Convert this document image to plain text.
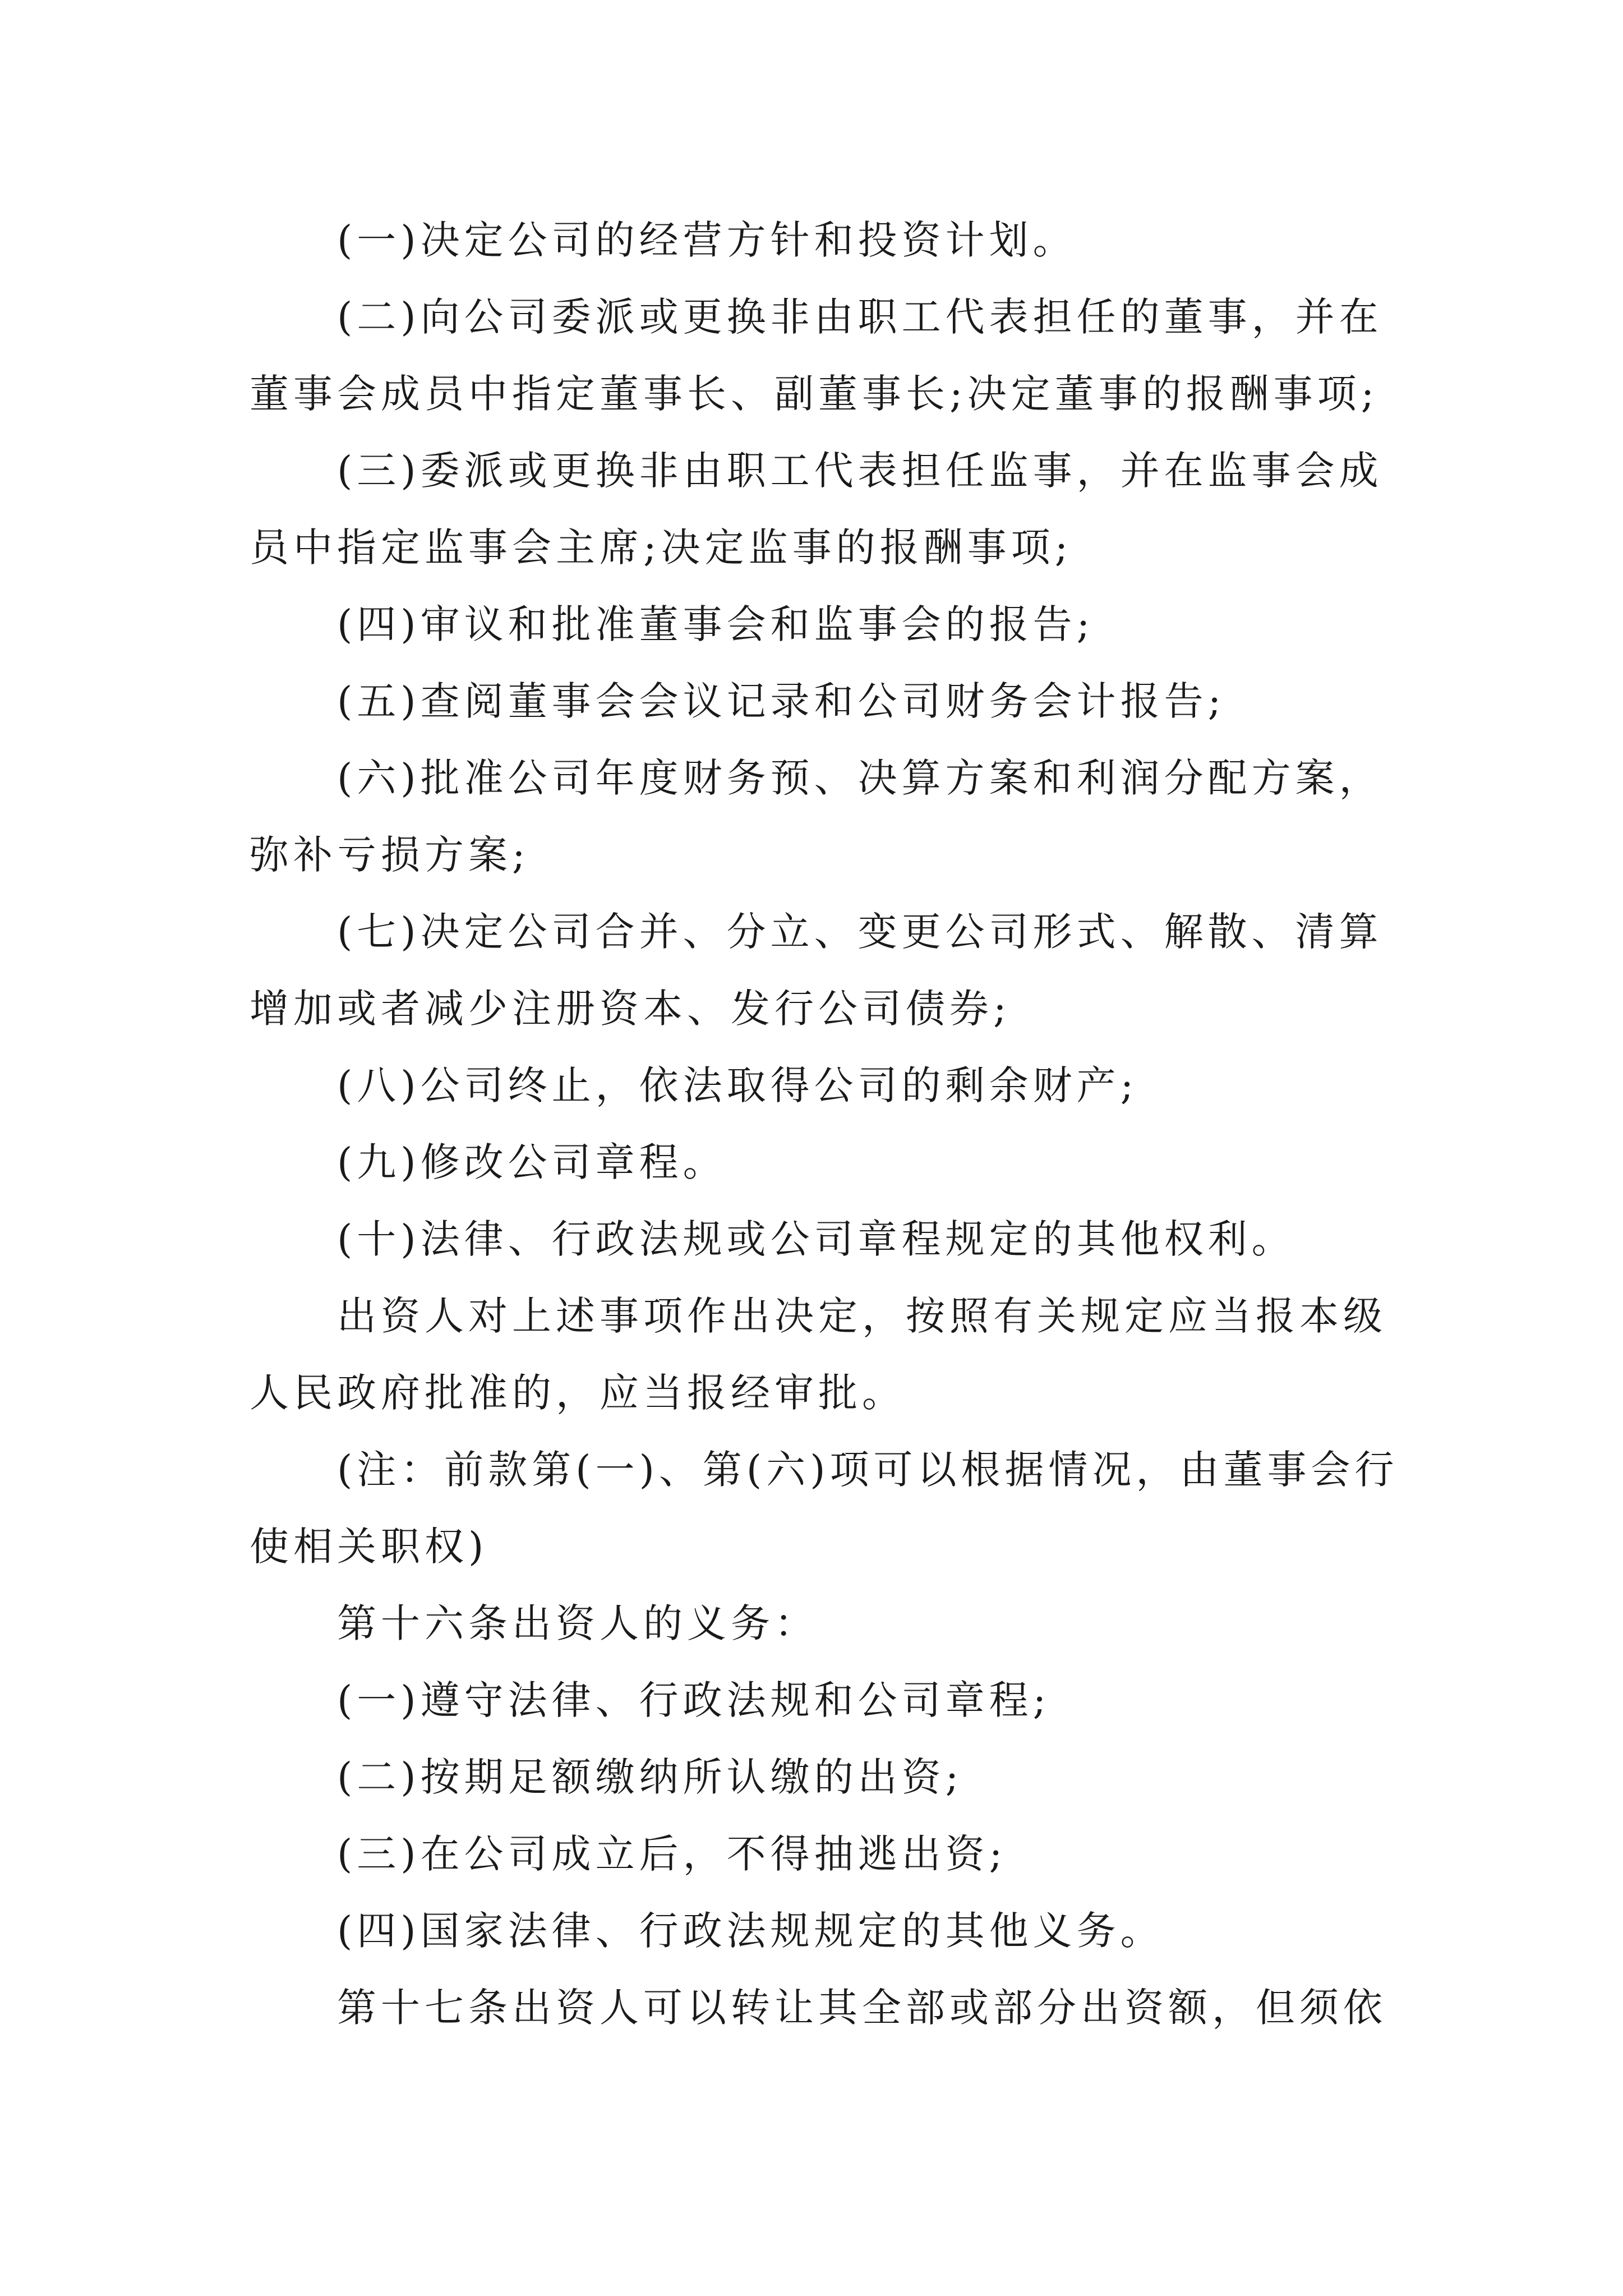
(一)决定公司的经营方针和投资计划。

(二)向公司委派或更换非由职工代表担任的董事，并在董事会成员中指定董事长、副董事长;决定董事的报酬事项;

(三)委派或更换非由职工代表担任监事，并在监事会成员中指定监事会主席;决定监事的报酬事项;

(四)审议和批准董事会和监事会的报告;

(五)查阅董事会会议记录和公司财务会计报告;

(六)批准公司年度财务预、决算方案和利润分配方案，弥补亏损方案;

(七)决定公司合并、分立、变更公司形式、解散、清算增加或者减少注册资本、发行公司债券;

(八)公司终止，依法取得公司的剩余财产;

(九)修改公司章程。

(十)法律、行政法规或公司章程规定的其他权利。

出资人对上述事项作出决定，按照有关规定应当报本级人民政府批准的，应当报经审批。

(注：前款第(一)、第(六)项可以根据情况，由董事会行使相关职权)

第十六条出资人的义务：

(一)遵守法律、行政法规和公司章程;

(二)按期足额缴纳所认缴的出资;

(三)在公司成立后，不得抽逃出资;

(四)国家法律、行政法规规定的其他义务。

第十七条出资人可以转让其全部或部分出资额，但须依
